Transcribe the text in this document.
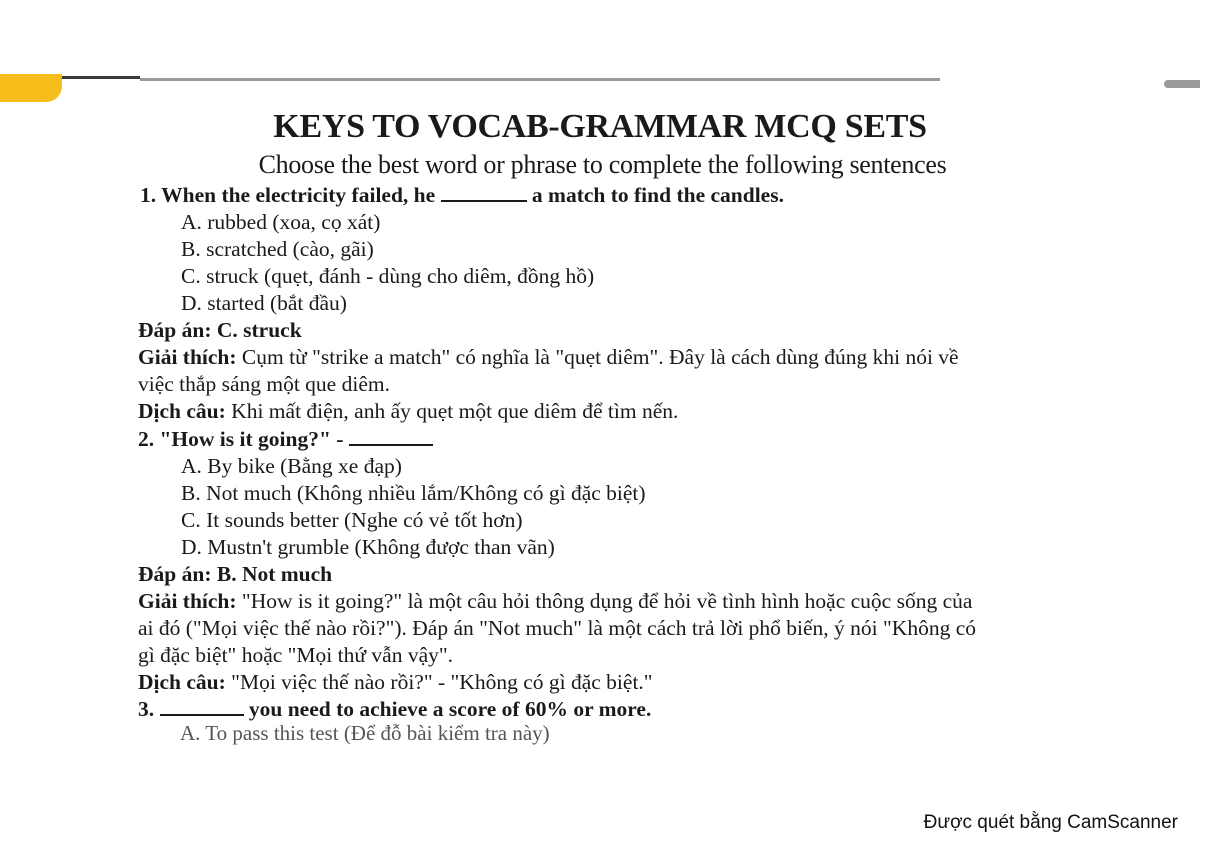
KEYS TO VOCAB-GRAMMAR MCQ SETS
Choose the best word or phrase to complete the following sentences
1. When the electricity failed, he	a match to find the candles.
A. rubbed (xoa, cọ xát)
B. scratched (cào, gãi)
C. struck (quẹt, đánh - dùng cho diêm, đồng hồ)
D. started (bắt đầu)
Đáp án: C. struck
Giải thích: Cụm từ "strike a match" có nghĩa là "quẹt diêm". Đây là cách dùng đúng khi nói về
việc thắp sáng một que diêm.
Dịch câu: Khi mất điện, anh ấy quẹt một que diêm để tìm nến.
2. "How is it going?" -
A. By bike (Bằng xe đạp)
B. Not much (Không nhiều lắm/Không có gì đặc biệt)
C. It sounds better (Nghe có vẻ tốt hơn)
D. Mustn't grumble (Không được than vãn)
Đáp án: B. Not much
Giải thích: "How is it going?" là một câu hỏi thông dụng để hỏi về tình hình hoặc cuộc sống của
ai đó ("Mọi việc thế nào rồi?"). Đáp án "Not much" là một cách trả lời phổ biến, ý nói "Không có
gì đặc biệt" hoặc "Mọi thứ vẫn vậy".
Dịch câu: "Mọi việc thế nào rồi?" - "Không có gì đặc biệt."
3.	you need to achieve a score of 60% or more.
A. To pass this test (Để đỗ bài kiểm tra này)
Được quét bằng CamScanner
